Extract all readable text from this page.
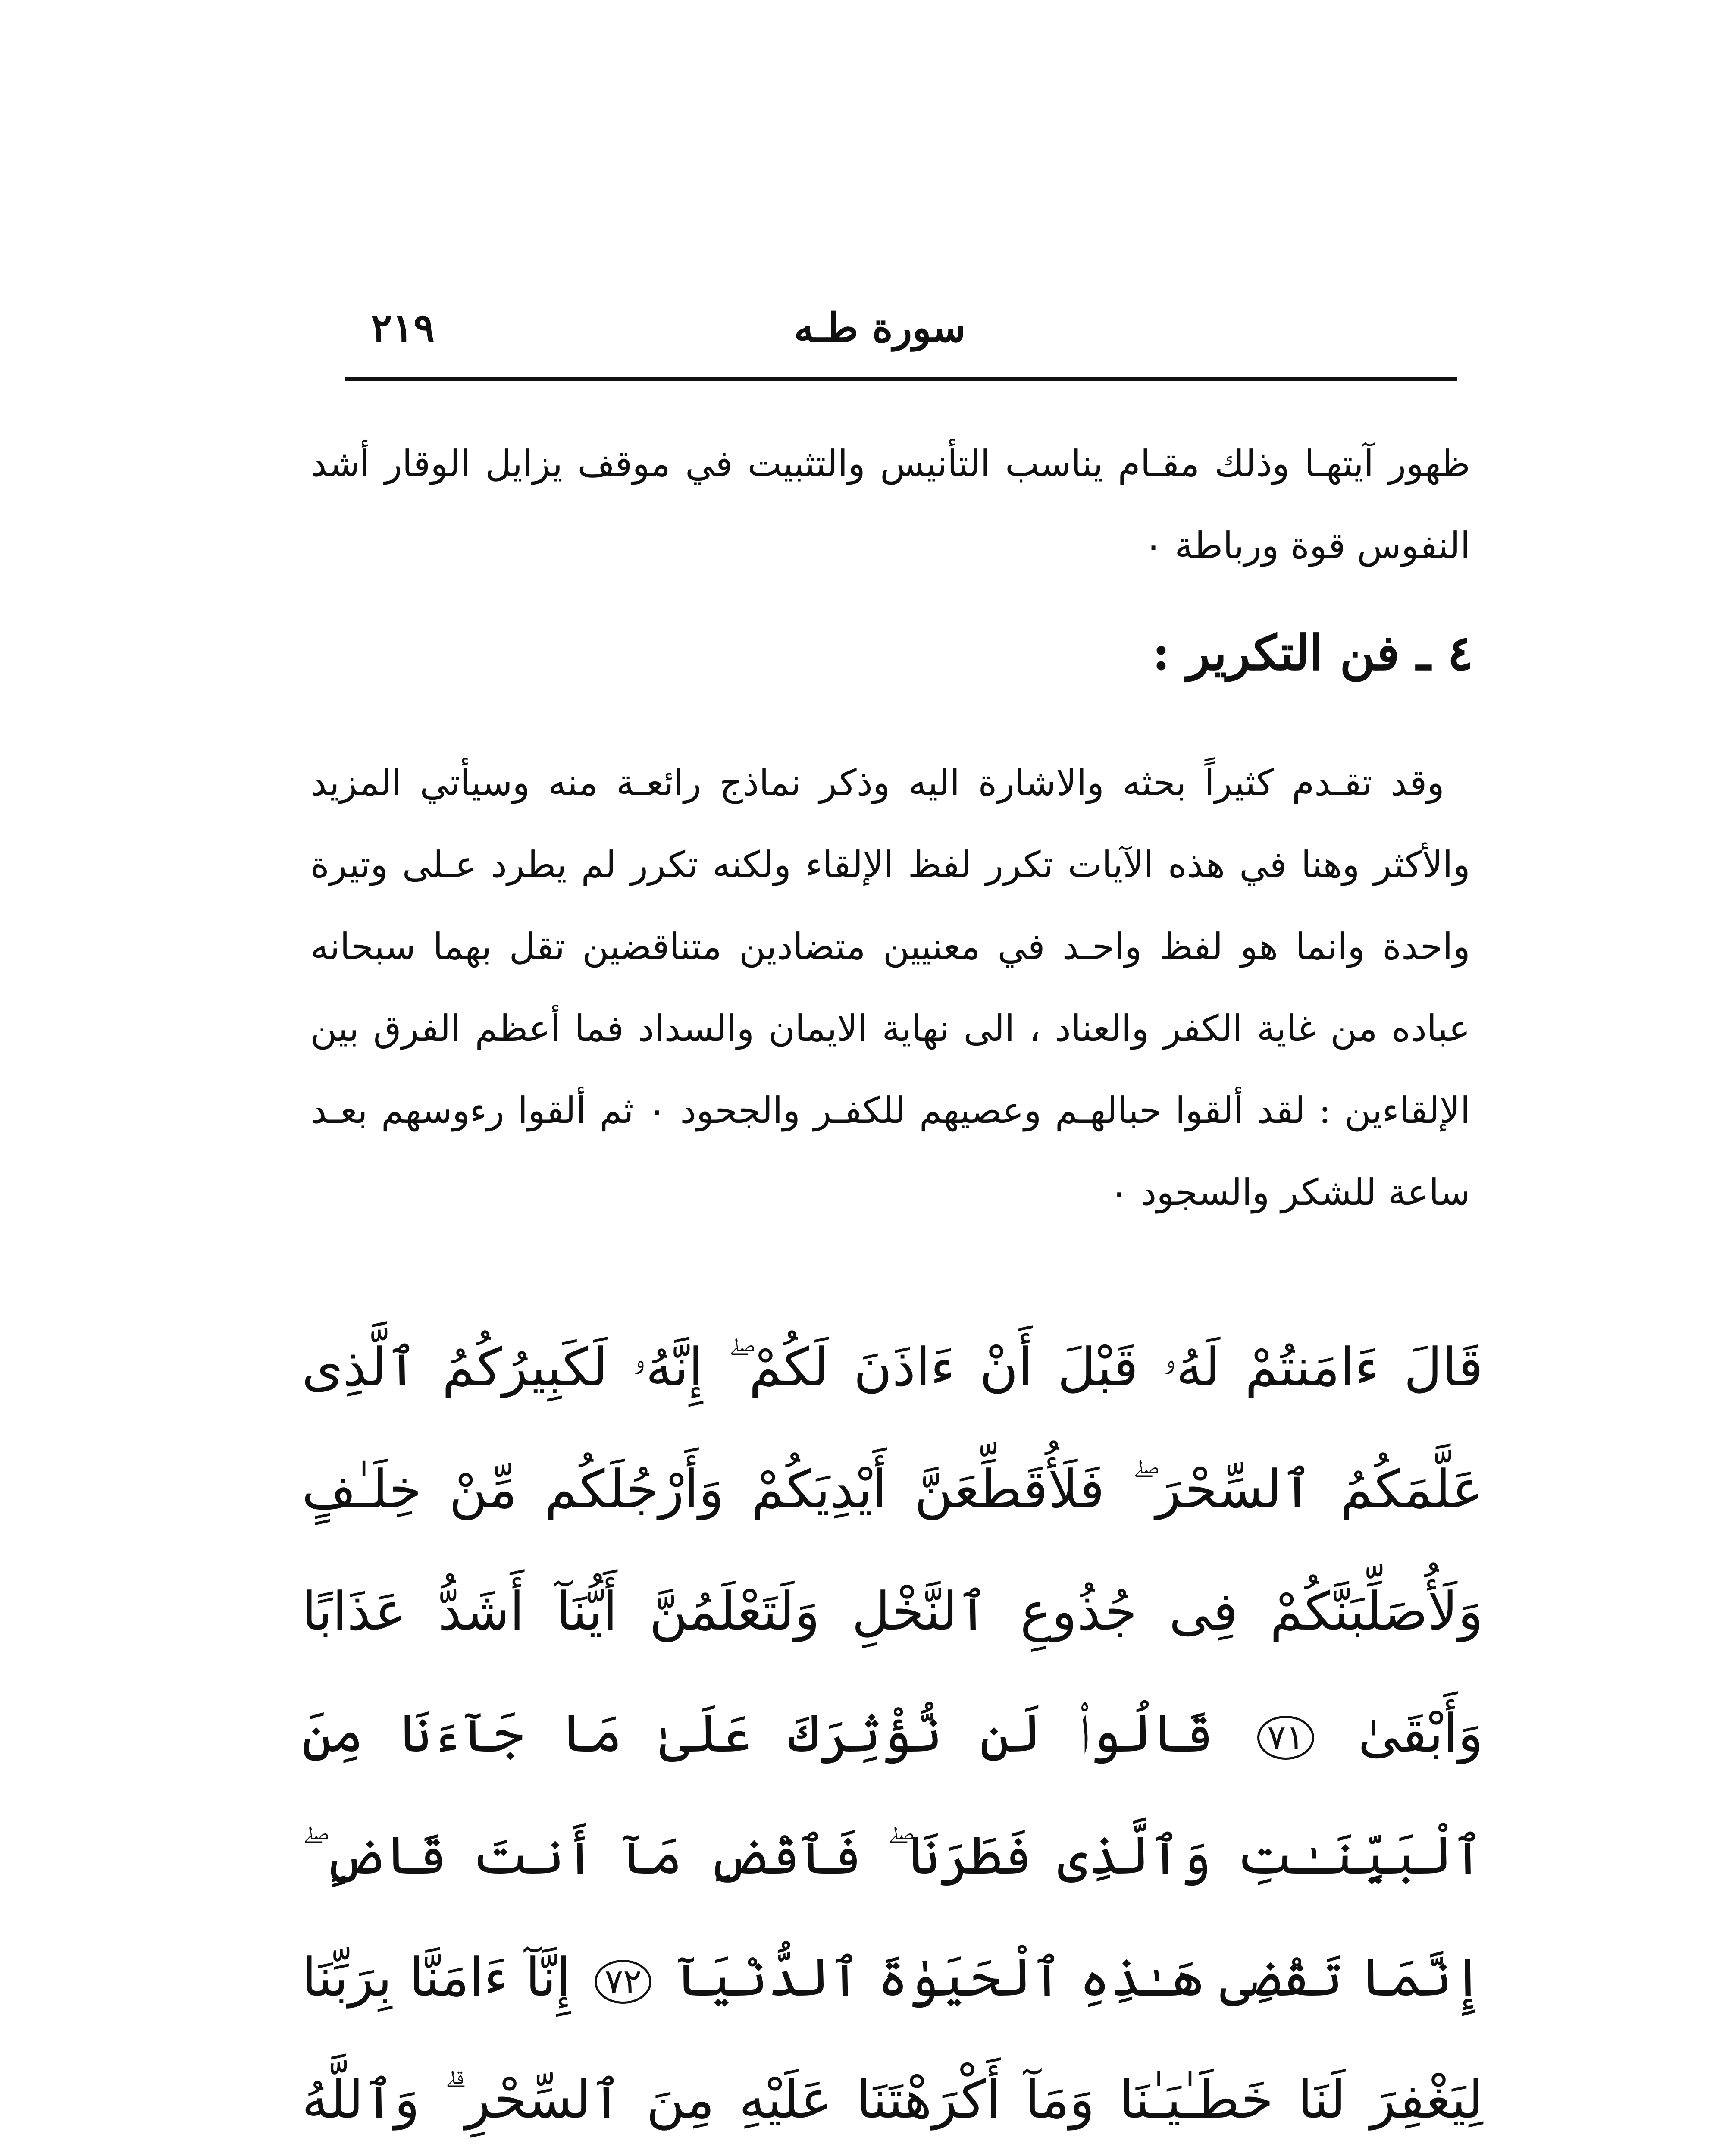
سورة طـه
٢١٩

ظهور آيتهـا وذلك مقـام يناسب التأنيس والتثبيت في موقف يزايل الوقار أشد النفوس قوة ورباطة ٠

٤ ـ فن التكرير :

وقد تقـدم كثيراً بحثه والاشارة اليه وذكر نماذج رائعـة منه وسيأتي المزيد والأكثر وهنا في هذه الآيات تكرر لفظ الإلقاء ولكنه تكرر لم يطرد عـلى وتيرة واحدة وانما هو لفظ واحـد في معنيين متضادين متناقضين تقل بهما سبحانه عباده من غاية الكفر والعناد ، الى نهاية الايمان والسداد فما أعظم الفرق بين الإلقاءين : لقد ألقوا حبالهـم وعصيهم للكفـر والجحود ٠ ثم ألقوا رءوسهم بعـد ساعة للشكر والسجود ٠

قَالَ ءَامَنتُمْ لَهُۥ قَبْلَ أَنْ ءَاذَنَ لَكُمْ ۖ إِنَّهُۥ لَكَبِيرُكُمُ ٱلَّذِى عَلَّمَكُمُ ٱلسِّحْرَ ۖ فَلَأُقَطِّعَنَّ أَيْدِيَكُمْ وَأَرْجُلَكُم مِّنْ خِلَـٰفٍ وَلَأُصَلِّبَنَّكُمْ فِى جُذُوعِ ٱلنَّخْلِ وَلَتَعْلَمُنَّ أَيُّنَآ أَشَدُّ عَذَابًا وَأَبْقَىٰ ٧١ قَالُوا۟ لَن نُّؤْثِرَكَ عَلَىٰ مَا جَآءَنَا مِنَ ٱلْبَيِّنَـٰتِ وَٱلَّذِى فَطَرَنَا ۖ فَٱقْضِ مَآ أَنتَ قَاضٍ ۖ إِنَّمَا تَقْضِى هَـٰذِهِ ٱلْحَيَوٰةَ ٱلدُّنْيَآ ٧٢ إِنَّآ ءَامَنَّا بِرَبِّنَا لِيَغْفِرَ لَنَا خَطَـٰيَـٰنَا وَمَآ أَكْرَهْتَنَا عَلَيْهِ مِنَ ٱلسِّحْرِ ۗ وَٱللَّهُ
